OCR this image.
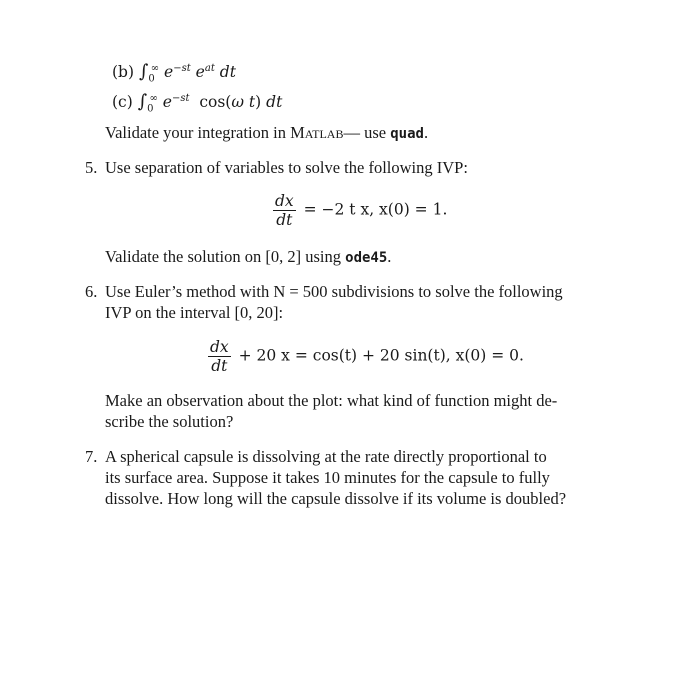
(b) $\int_0^\infty$ $e^{-st}$ $e^{at}$ dt
(c) $\int_0^\infty$ $e^{-st}$ cos(ω t) dt
Validate your integration in Matlab— use quad.
5. Use separation of variables to solve the following IVP:
$\frac{dx}{dt} = -2$ t x, x(0) = 1.
Validate the solution on [0, 2] using ode45.
6. Use Euler’s method with N = 500 subdivisions to solve the following
IVP on the interval [0, 20]:
$\frac{dx}{dt} + 20$ x = cos(t) + 20 sin(t), x(0) = 0.
Make an observation about the plot: what kind of function might de-
scribe the solution?
7. A spherical capsule is dissolving at the rate directly proportional to
its surface area. Suppose it takes 10 minutes for the capsule to fully
dissolve. How long will the capsule dissolve if its volume is doubled?
